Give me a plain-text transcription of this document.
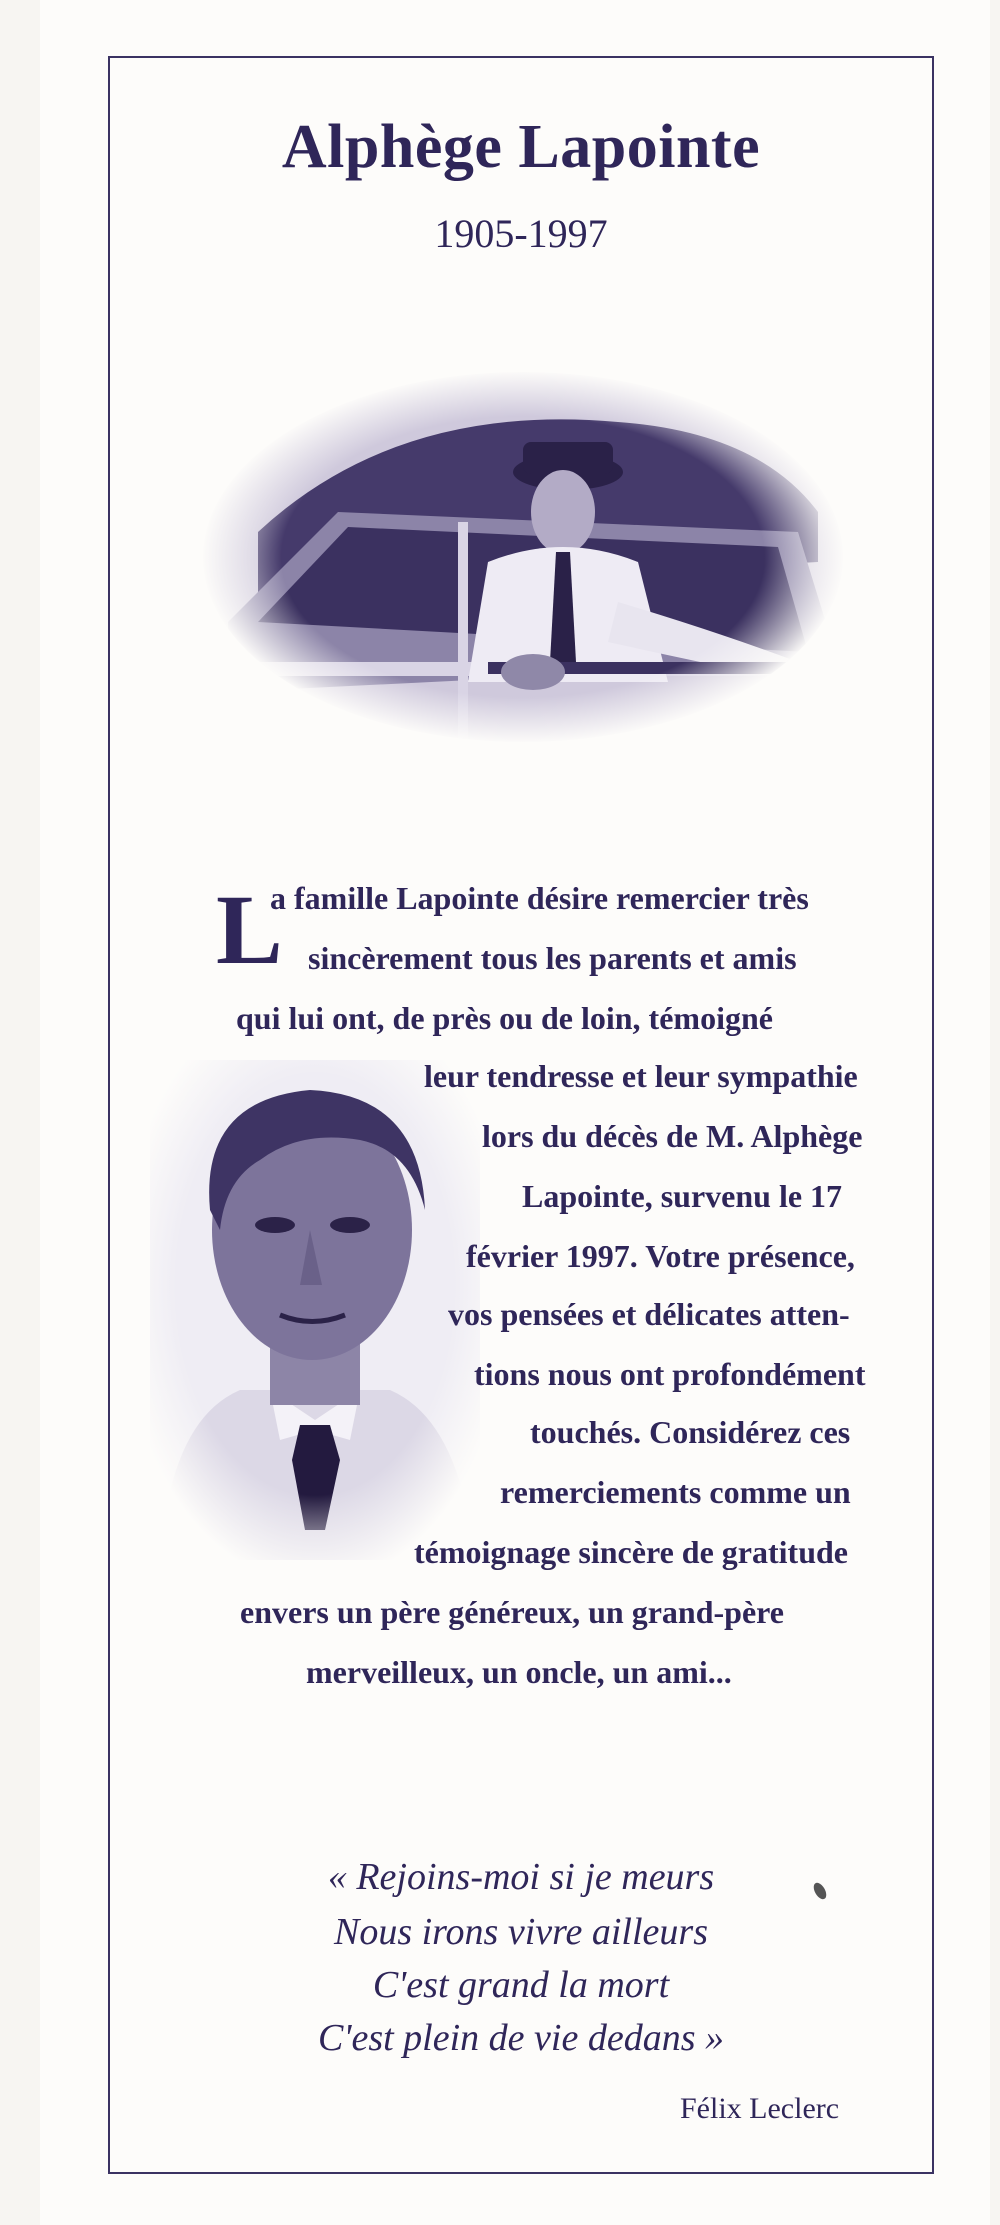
Alphège Lapointe
1905-1997
L
a famille Lapointe désire remercier très
sincèrement tous les parents et amis
qui lui ont, de près ou de loin, témoigné
leur tendresse et leur sympathie
lors du décès de M. Alphège
Lapointe, survenu le 17
février 1997. Votre présence,
vos pensées et délicates atten-
tions nous ont profondément
touchés. Considérez ces
remerciements comme un
témoignage sincère de gratitude
envers un père généreux, un grand-père
merveilleux, un oncle, un ami...
« Rejoins-moi si je meurs
Nous irons vivre ailleurs
C'est grand la mort
C'est plein de vie dedans »
Félix Leclerc
